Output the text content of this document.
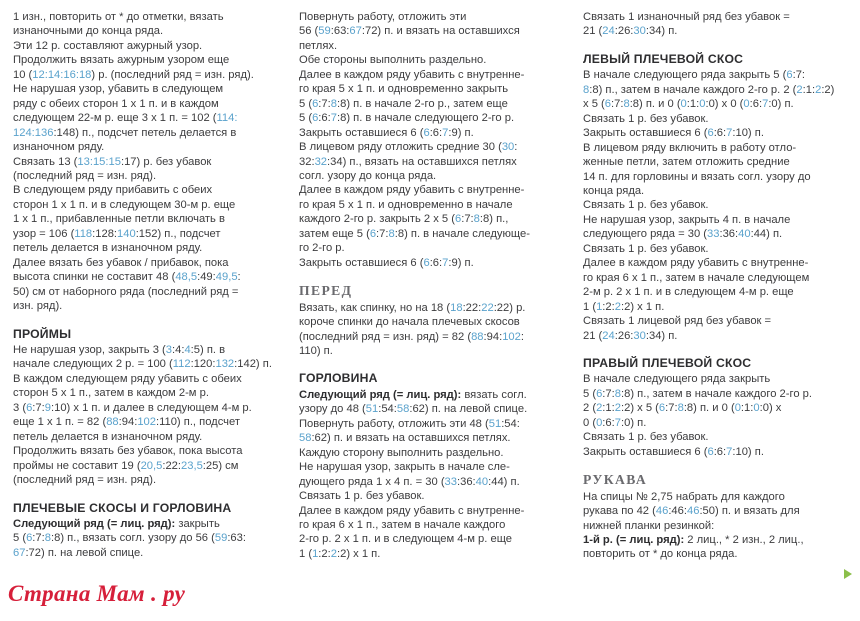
1 изн., повторить от * до отметки, вязать
изнаночными до конца ряда.
Эти 12 р. составляют ажурный узор.
Продолжить вязать ажурным узором еще
10 (12:14:16:18) р. (последний ряд = изн. ряд).
Не нарушая узор, убавить в следующем
ряду с обеих сторон 1 х 1 п. и в каждом
следующем 22-м р. еще 3 х 1 п. = 102 (114:
124:136:148) п., подсчет петель делается в
изнаночном ряду.
Связать 13 (13:15:15:17) р. без убавок
(последний ряд = изн. ряд).
В следующем ряду прибавить с обеих
сторон 1 х 1 п. и в следующем 30-м р. еще
1 х 1 п., прибавленные петли включать в
узор = 106 (118:128:140:152) п., подсчет
петель делается в изнаночном ряду.
Далее вязать без убавок / прибавок, пока
высота спинки не составит 48 (48,5:49:49,5:
50) см от наборного ряда (последний ряд =
изн. ряд).
ПРОЙМЫ
Не нарушая узор, закрыть 3 (3:4:4:5) п. в
начале следующих 2 р. = 100 (112:120:132:142) п.
В каждом следующем ряду убавить с обеих
сторон 5 х 1 п., затем в каждом 2-м р.
3 (6:7:9:10) х 1 п. и далее в следующем 4-м р.
еще 1 х 1 п. = 82 (88:94:102:110) п., подсчет
петель делается в изнаночном ряду.
Продолжить вязать без убавок, пока высота
проймы не составит 19 (20,5:22:23,5:25) см
(последний ряд = изн. ряд).
ПЛЕЧЕВЫЕ СКОСЫ И ГОРЛОВИНА
Следующий ряд (= лиц. ряд): закрыть
5 (6:7:8:8) п., вязать согл. узору до 56 (59:63:
67:72) п. на левой спице.
Повернуть работу, отложить эти
56 (59:63:67:72) п. и вязать на оставшихся
петлях.
Обе стороны выполнить раздельно.
Далее в каждом ряду убавить с внутренне-
го края 5 х 1 п. и одновременно закрыть
5 (6:7:8:8) п. в начале 2-го р., затем еще
5 (6:6:7:8) п. в начале следующего 2-го р.
Закрыть оставшиеся 6 (6:6:7:9) п.
В лицевом ряду отложить средние 30 (30:
32:32:34) п., вязать на оставшихся петлях
согл. узору до конца ряда.
Далее в каждом ряду убавить с внутренне-
го края 5 х 1 п. и одновременно в начале
каждого 2-го р. закрыть 2 х 5 (6:7:8:8) п.,
затем еще 5 (6:7:8:8) п. в начале следующе-
го 2-го р.
Закрыть оставшиеся 6 (6:6:7:9) п.
ПЕРЕД
Вязать, как спинку, но на 18 (18:22:22:22) р.
короче спинки до начала плечевых скосов
(последний ряд = изн. ряд) = 82 (88:94:102:
110) п.
ГОРЛОВИНА
Следующий ряд (= лиц. ряд): вязать согл.
узору до 48 (51:54:58:62) п. на левой спице.
Повернуть работу, отложить эти 48 (51:54:
58:62) п. и вязать на оставшихся петлях.
Каждую сторону выполнить раздельно.
Не нарушая узор, закрыть в начале сле-
дующего ряда 1 х 4 п. = 30 (33:36:40:44) п.
Связать 1 р. без убавок.
Далее в каждом ряду убавить с внутренне-
го края 6 х 1 п., затем в начале каждого
2-го р. 2 х 1 п. и в следующем 4-м р. еще
1 (1:2:2:2) х 1 п.
Связать 1 изнаночный ряд без убавок =
21 (24:26:30:34) п.
ЛЕВЫЙ ПЛЕЧЕВОЙ СКОС
В начале следующего ряда закрыть 5 (6:7:
8:8) п., затем в начале каждого 2-го р. 2 (2:1:2:2)
х 5 (6:7:8:8) п. и 0 (0:1:0:0) х 0 (0:6:7:0) п.
Связать 1 р. без убавок.
Закрыть оставшиеся 6 (6:6:7:10) п.
В лицевом ряду включить в работу отло-
женные петли, затем отложить средние
14 п. для горловины и вязать согл. узору до
конца ряда.
Связать 1 р. без убавок.
Не нарушая узор, закрыть 4 п. в начале
следующего ряда = 30 (33:36:40:44) п.
Связать 1 р. без убавок.
Далее в каждом ряду убавить с внутренне-
го края 6 х 1 п., затем в начале следующем
2-м р. 2 х 1 п. и в следующем 4-м р. еще
1 (1:2:2:2) х 1 п.
Связать 1 лицевой ряд без убавок =
21 (24:26:30:34) п.
ПРАВЫЙ ПЛЕЧЕВОЙ СКОС
В начале следующего ряда закрыть
5 (6:7:8:8) п., затем в начале каждого 2-го р.
2 (2:1:2:2) х 5 (6:7:8:8) п. и 0 (0:1:0:0) х
0 (0:6:7:0) п.
Связать 1 р. без убавок.
Закрыть оставшиеся 6 (6:6:7:10) п.
РУКАВА
На спицы № 2,75 набрать для каждого
рукава по 42 (46:46:46:50) п. и вязать для
нижней планки резинкой:
1-й р. (= лиц. ряд): 2 лиц., * 2 изн., 2 лиц.,
повторить от * до конца ряда.
Страна Мам . ру
